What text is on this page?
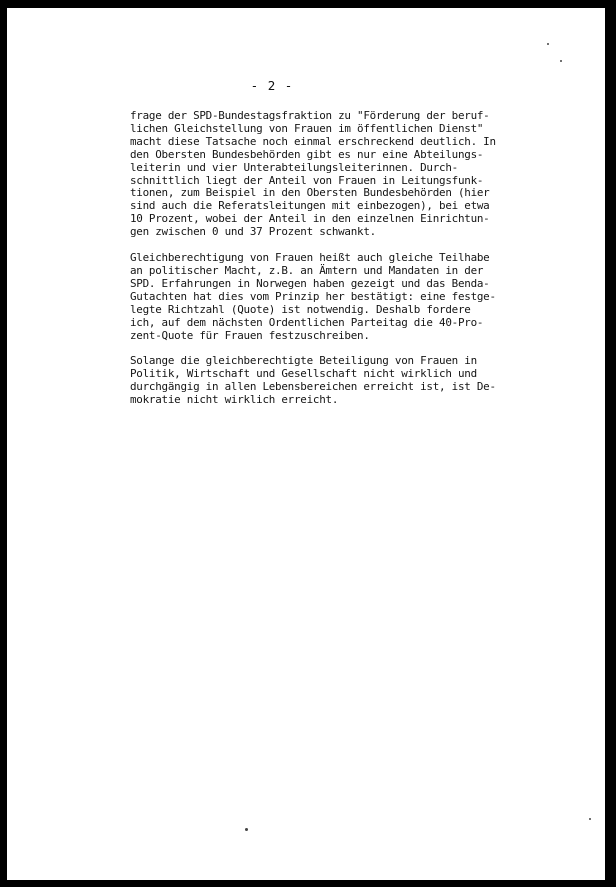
- 2 -

frage der SPD-Bundestagsfraktion zu "Förderung der beruf-
lichen Gleichstellung von Frauen im öffentlichen Dienst"
macht diese Tatsache noch einmal erschreckend deutlich. In
den Obersten Bundesbehörden gibt es nur eine Abteilungs-
leiterin und vier Unterabteilungsleiterinnen. Durch-
schnittlich liegt der Anteil von Frauen in Leitungsfunk-
tionen, zum Beispiel in den Obersten Bundesbehörden (hier
sind auch die Referatsleitungen mit einbezogen), bei etwa
10 Prozent, wobei der Anteil in den einzelnen Einrichtun-
gen zwischen 0 und 37 Prozent schwankt.

Gleichberechtigung von Frauen heißt auch gleiche Teilhabe
an politischer Macht, z.B. an Ämtern und Mandaten in der
SPD. Erfahrungen in Norwegen haben gezeigt und das Benda-
Gutachten hat dies vom Prinzip her bestätigt: eine festge-
legte Richtzahl (Quote) ist notwendig. Deshalb fordere
ich, auf dem nächsten Ordentlichen Parteitag die 40-Pro-
zent-Quote für Frauen festzuschreiben.

Solange die gleichberechtigte Beteiligung von Frauen in
Politik, Wirtschaft und Gesellschaft nicht wirklich und
durchgängig in allen Lebensbereichen erreicht ist, ist De-
mokratie nicht wirklich erreicht.
